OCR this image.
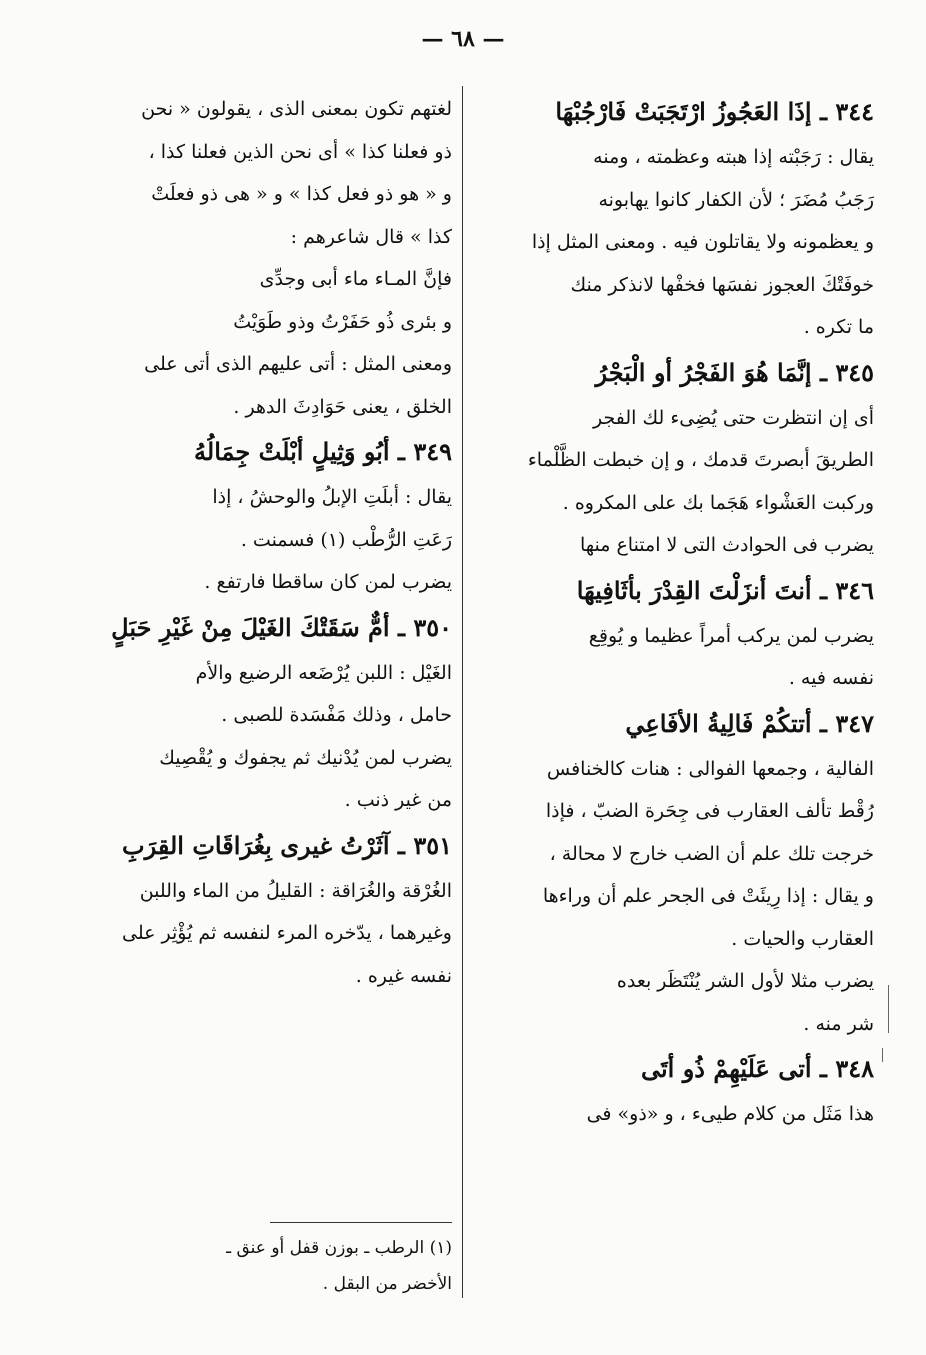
— ٦٨ —
٣٤٤ ـ إذَا العَجُوزُ ارْتَجَبَتْ فَارْجُبْهَا

يقال : رَجَبْته إذا هبته وعظمته ، ومنه
رَجَبُ مُضَرَ ؛ لأن الكفار كانوا يهابونه
و يعظمونه ولا يقاتلون فيه . ومعنى المثل إذا
خوفَتْكَ العجوز نفسَها فخفْها لانذكر منك
ما تكره .

٣٤٥ ـ إنَّمَا هُوَ الفَجْرُ أو الْبَجْرُ

أى إن انتظرت حتى يُضِىء لك الفجر
الطريقَ أبصرتَ قدمك ، و إن خبطت الظَّلْماء
وركبت العَشْواء هَجَما بك على المكروه .
يضرب فى الحوادث التى لا امتناع منها

٣٤٦ ـ أنتَ أنزَلْتَ القِدْرَ بأثَافِيهَا

يضرب لمن يركب أمراً عظيما و يُوقِع
نفسه فيه .

٣٤٧ ـ أتتكُمْ فَالِيةُ الأفَاعِي

الفالية ، وجمعها الفوالى : هنات كالخنافس
رُقْط تألف العقارب فى جِحَرة الضبّ ، فإذا
خرجت تلك علم أن الضب خارج لا محالة ،
و يقال : إذا رِيئَتْ فى الجحر علم أن وراءها
العقارب والحيات .
يضرب مثلا لأول الشر يُنْتَظَر بعده
شر منه .

٣٤٨ ـ أتى عَلَيْهِمْ ذُو أتَى

هذا مَثَل من كلام طيىء ، و «ذو» فى

لغتهم تكون بمعنى الذى ، يقولون « نحن
ذو فعلنا كذا » أى نحن الذين فعلنا كذا ،
و « هو ذو فعل كذا » و « هى ذو فعلَتْ
كذا » قال شاعرهم :
فإنَّ المـاء ماء أبى وجدِّى
و بئرى ذُو حَفَرْتُ وذو طَوَيْتُ
ومعنى المثل : أتى عليهم الذى أتى على
الخلق ، يعنى حَوَادِثَ الدهر .

٣٤٩ ـ أبُو وَثِيلٍ أبْلَتْ جِمَالُهُ

يقال : أبلَتِ الإبلُ والوحشُ ، إذا
رَعَتِ الرُّطْب (١) فسمنت .
يضرب لمن كان ساقطا فارتفع .

٣٥٠ ـ أمٌّ سَقَتْكَ الغَيْلَ مِنْ غَيْرِ حَبَلٍ

الغَيْل : اللبن يُرْضَعه الرضيع والأم
حامل ، وذلك مَفْسَدة للصبى .
يضرب لمن يُدْنيك ثم يجفوك و يُقْصِيك
من غير ذنب .

٣٥١ ـ آثَرْتُ غيرى بِغُرَاقَاتِ القِرَبِ

الغُرْقة والغُرَاقة : القليلُ من الماء واللبن
وغيرهما ، يدّخره المرء لنفسه ثم يُؤْثِر على
نفسه غيره .

(١) الرطب ـ بوزن قفل أو عنق ـ
الأخضر من البقل .
